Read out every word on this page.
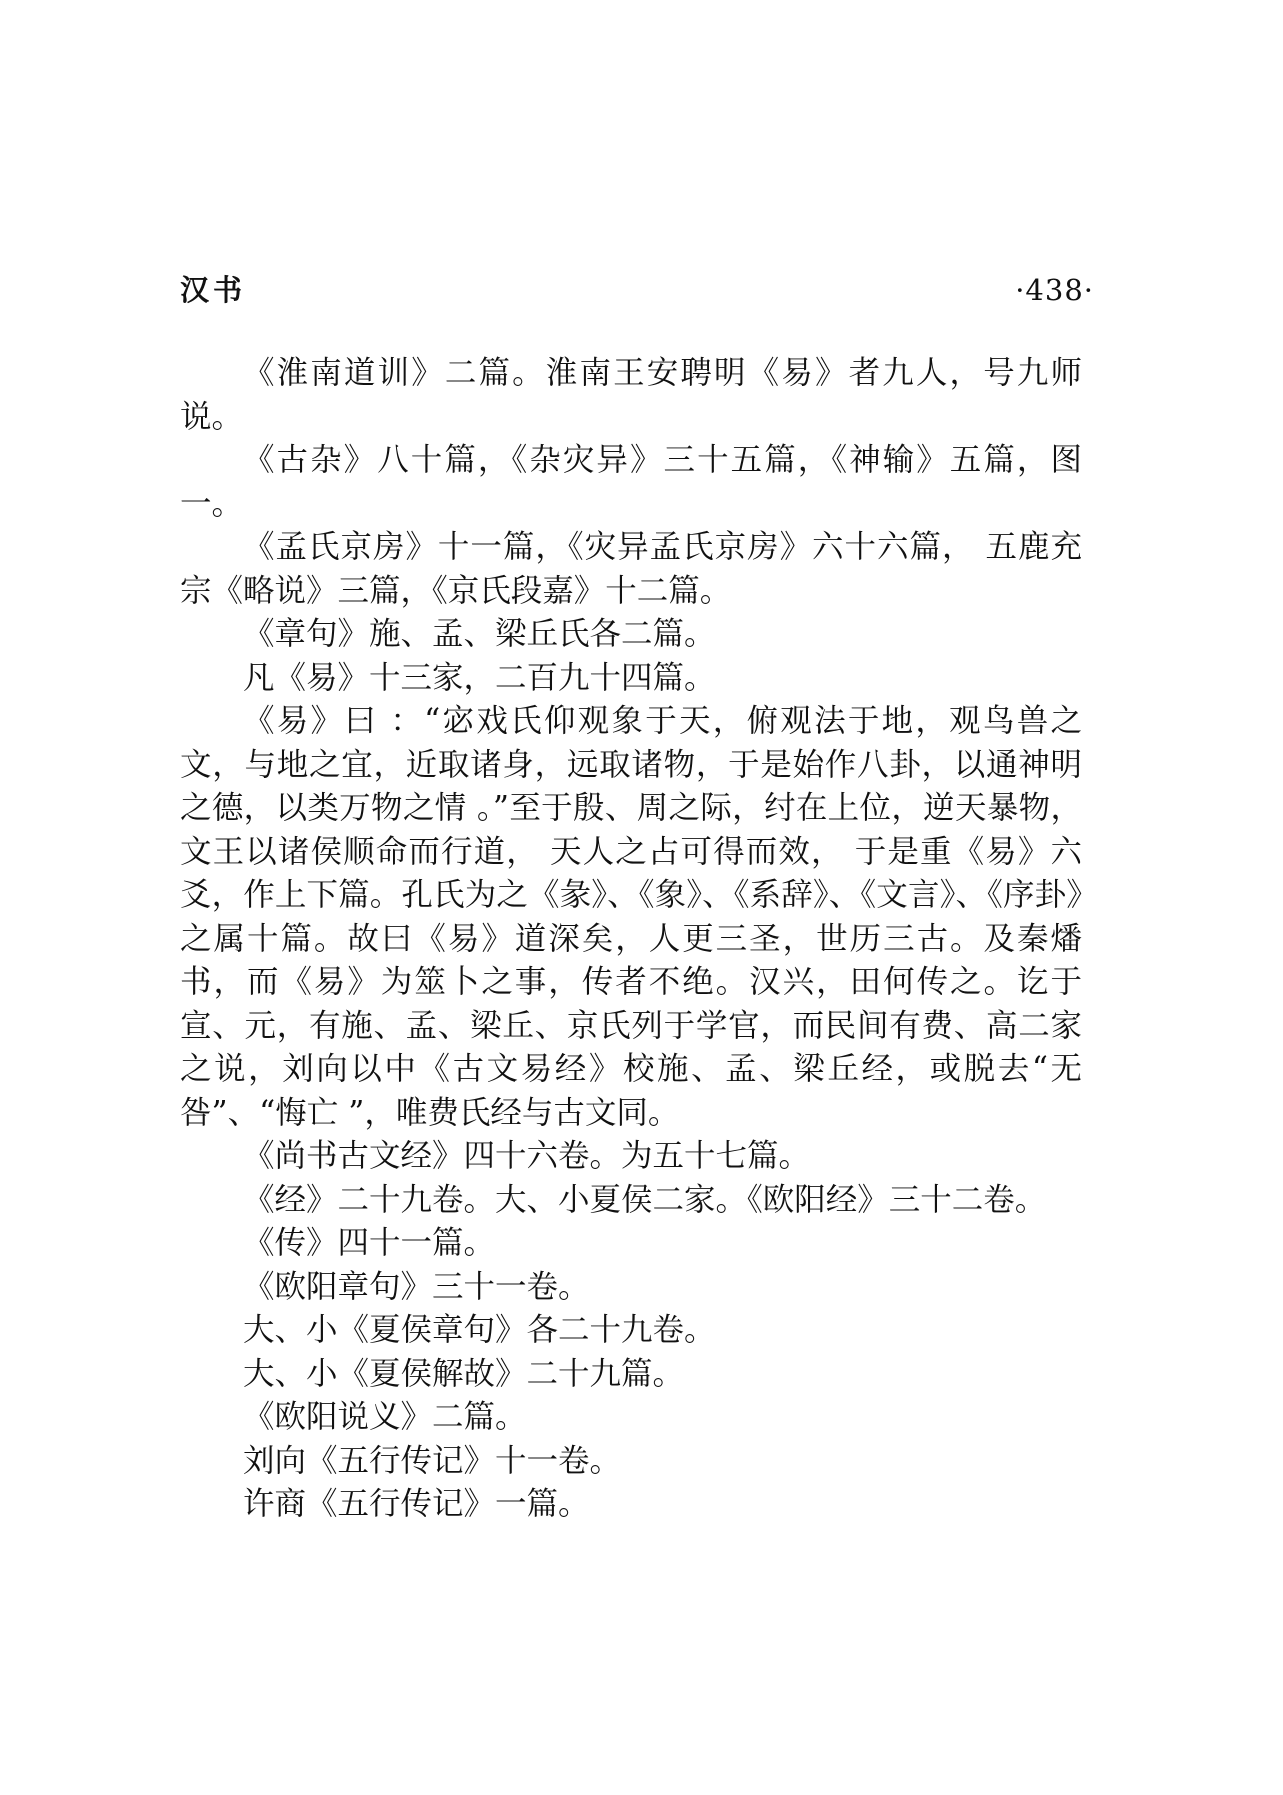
汉书	·438·

《淮南道训》二篇。淮南王安聘明《易》者九人，号九师说。

《古杂》八十篇，《杂灾异》三十五篇，《神输》五篇，图一。

《孟氏京房》十一篇，《灾异孟氏京房》六十六篇， 五鹿充宗《略说》三篇，《京氏段嘉》十二篇。

《章句》施、孟、梁丘氏各二篇。

凡《易》十三家，二百九十四篇。

《易》曰 ：“宓戏氏仰观象于天，俯观法于地，观鸟兽之文，与地之宜，近取诸身，远取诸物，于是始作八卦，以通神明之德，以类万物之情 。”至于殷、周之际，纣在上位，逆天暴物，文王以诸侯顺命而行道， 天人之占可得而效， 于是重《易》六爻，作上下篇。孔氏为之《彖》、《象》、《系辞》、《文言》、《序卦》之属十篇。故曰《易》道深矣，人更三圣，世历三古。及秦燔书，而《易》为筮卜之事，传者不绝。汉兴，田何传之。讫于宣、元，有施、孟、梁丘、京氏列于学官，而民间有费、高二家之说，刘向以中《古文易经》校施、孟、梁丘经，或脱去“无咎”、“悔亡 ”，唯费氏经与古文同。

《尚书古文经》四十六卷。为五十七篇。

《经》二十九卷。大、小夏侯二家。《欧阳经》三十二卷。

《传》四十一篇。

《欧阳章句》三十一卷。

大、小《夏侯章句》各二十九卷。

大、小《夏侯解故》二十九篇。

《欧阳说义》二篇。

刘向《五行传记》十一卷。

许商《五行传记》一篇。
